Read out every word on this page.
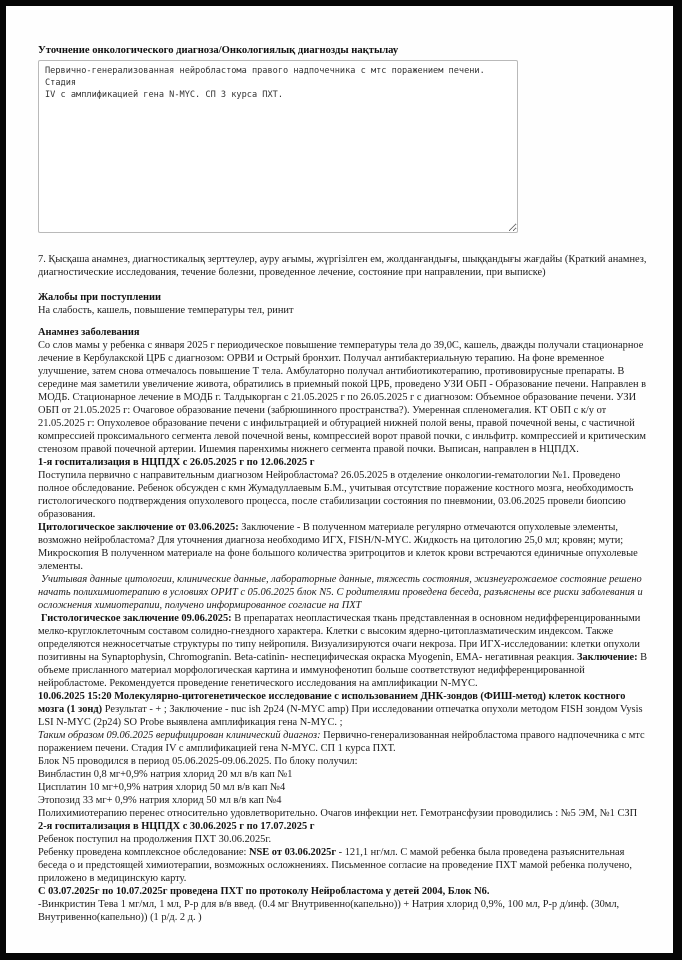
Уточнение онкологического диагноза/Онкологиялық диагнозды нақтылау

Первично-генерализованная нейробластома правого надпочечника с мтс поражением печени. Стадия IV с амплификацией гена N-MYC. СП 3 курса ПХТ.

7. Қысқаша анамнез, диагностикалық зерттеулер, ауру ағымы, жүргізілген ем, жолданғандығы, шыққандығы жағдайы (Краткий анамнез, диагностические исследования, течение болезни, проведенное лечение, состояние при направлении, при выписке)

Жалобы при поступлении

На слабость, кашель, повышение температуры тел, ринит

Анамнез заболевания

Со слов мамы у ребенка с января 2025 г периодическое повышение температуры тела до 39,0С, кашель, дважды получали стационарное лечение в Кербулакской ЦРБ с диагнозом: ОРВИ и Острый бронхит. Получал антибактериальную терапию. На фоне временное улучшение, затем снова отмечалось повышение Т тела. Амбулаторно получал антибиотикотерапию, противовирусные препараты. В середине мая заметили увеличение живота, обратились в приемный покой ЦРБ, проведено УЗИ ОБП - Образование печени. Направлен в МОДБ. Стационарное лечение в МОДБ г. Талдыкорган с 21.05.2025 г по 26.05.2025 г с диагнозом: Объемное образование печени. УЗИ ОБП от 21.05.2025 г: Очаговое образование печени (забрюшинного пространства?). Умеренная спленомегалия. КТ ОБП с к/у от 21.05.2025 г: Опухолевое образование печени с инфильтрацией и обтурацией нижней полой вены, правой почечной вены, с частичной компрессией проксимального сегмента левой почечной вены, компрессией ворот правой почки, с инльфитр. компрессией и критическим стенозом правой почечной артерии. Ишемия паренхимы нижнего сегмента правой почки. Выписан, направлен в НЦПДХ.

1-я госпитализация в НЦПДХ с 26.05.2025 г по 12.06.2025 г

Поступила первично с направительным диагнозом Нейробластома? 26.05.2025 в отделение онкологии-гематологии №1. Проведено полное обследование. Ребенок обсужден с кмн Жумадуллаевым Б.М., учитывая отсутствие поражение костного мозга, необходимость гистологического подтверждения опухолевого процесса, после стабилизации состояния по пневмонии, 03.06.2025 провели биопсию образования.

Цитологическое заключение от 03.06.2025: Заключение - В полученном материале регулярно отмечаются опухолевые элементы, возможно нейробластома? Для уточнения диагноза необходимо ИГХ, FISH/N-MYC. Жидкость на цитологию 25,0 мл; кровян; мути; Микроскопия В полученном материале на фоне большого количества эритроцитов и клеток крови встречаются единичные опухолевые элементы.

Учитывая данные цитологии, клинические данные, лабораторные данные, тяжесть состояния, жизнеугрожаемое состояние решено начать полихимиотерапию в условиях ОРИТ с 05.06.2025 блок N5. С родителями проведена беседа, разъяснены все риски заболевания и осложнения химиотерапии, получено информированное согласие на ПХТ

Гистологическое заключение 09.06.2025: В препаратах неопластическая ткань представленная в основном недифференцированными мелко-круглоклеточным составом солидно-гнездного характера. Клетки с высоким ядерно-цитоплазматическим индексом. Также определяются нежносетчатые структуры по типу нейропиля. Визуализируются очаги некроза. При ИГХ-исследовании: клетки опухоли позитивны на Synaptophysin, Chromogranin. Beta-catinin- неспецифическая окраска Myogenin, EMA- негативная реакция. Заключение: В объеме присланного материал морфологическая картина и иммунофенотип больше соответствуют недифференцированной нейробластоме. Рекомендуется проведение генетического исследования на амплификации N-MYC.

10.06.2025 15:20 Молекулярно-цитогенетическое исследование с использованием ДНК-зондов (ФИШ-метод) клеток костного мозга (1 зонд) Результат - + ; Заключение - nuc ish 2p24 (N-MYC amp) При исследовании отпечатка опухоли методом FISH зондом Vysis LSI N-MYC (2p24) SO Probe выявлена амплификация гена N-MYC. ;

Таким образом 09.06.2025 верифицирован клинический диагноз: Первично-генерализованная нейробластома правого надпочечника с мтс поражением печени. Стадия IV с амплификацией гена N-MYC. СП 1 курса ПХТ.

Блок N5 проводился в период 05.06.2025-09.06.2025. По блоку получил:

Винбластин 0,8 мг+0,9% натрия хлорид 20 мл в/в кап №1

Цисплатин 10 мг+0,9% натрия хлорид 50 мл в/в кап №4

Этопозид 33 мг+ 0,9% натрия хлорид 50 мл в/в кап №4

Полихимиотерапию перенес относительно удовлетворительно. Очагов инфекции нет. Гемотрансфузии проводились : №5 ЭМ, №1 СЗП

2-я госпитализация в НЦПДХ с 30.06.2025 г по 17.07.2025 г

Ребенок поступил на продолжения ПХТ 30.06.2025г.

Ребенку проведена комплексное обследование: NSE от 03.06.2025г - 121,1 нг/мл. С мамой ребенка была проведена разъяснительная беседа о и предстоящей химиотерапии, возможных осложнениях. Письменное согласие на проведение ПХТ мамой ребенка получено, приложено в медицинскую карту.

С 03.07.2025г по 10.07.2025г проведена ПХТ по протоколу Нейробластома у детей 2004, Блок N6.

-Винкристин Тева 1 мг/мл, 1 мл, Р-р для в/в введ. (0.4 мг Внутривенно(капельно)) + Натрия хлорид 0,9%, 100 мл, Р-р д/инф. (30мл, Внутривенно(капельно)) (1 р/д. 2 д. )
